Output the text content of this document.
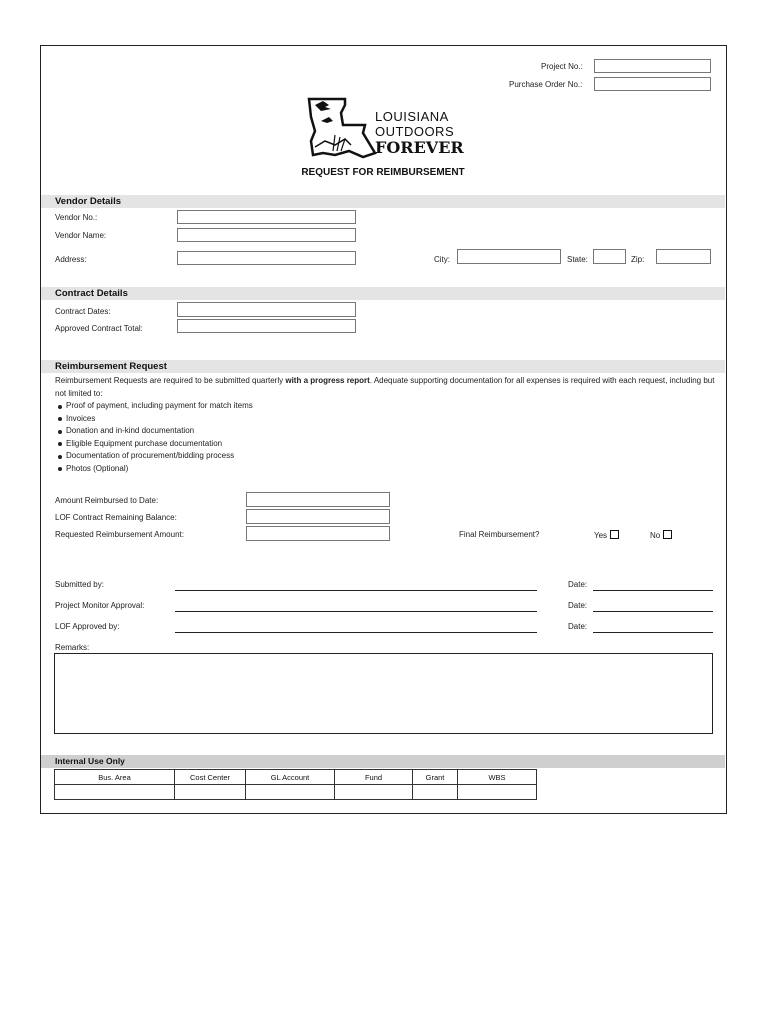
Project No.:
Purchase Order No.:
LOUISIANA
OUTDOORS
FOREVER
REQUEST FOR REIMBURSEMENT
Vendor Details
Vendor No.:
Vendor Name:
Address:	City:	State:	Zip:
Contract Details
Contract Dates:
Approved Contract Total:
Reimbursement Request
Reimbursement Requests are required to be submitted quarterly with a progress report. Adequate supporting documentation for all expenses is required with each request, including but not limited to:
Proof of payment, including payment for match items
Invoices
Donation and in-kind documentation
Eligible Equipment purchase documentation
Documentation of procurement/bidding process
Photos (Optional)
Amount Reimbursed to Date:
LOF Contract Remaining Balance:
Requested Reimbursement Amount:	Final Reimbursement?	Yes	No
Submitted by:	Date:
Project Monitor Approval:	Date:
LOF Approved by:	Date:
Remarks:
Internal Use Only
Bus. Area	Cost Center	GL Account	Fund	Grant	WBS
